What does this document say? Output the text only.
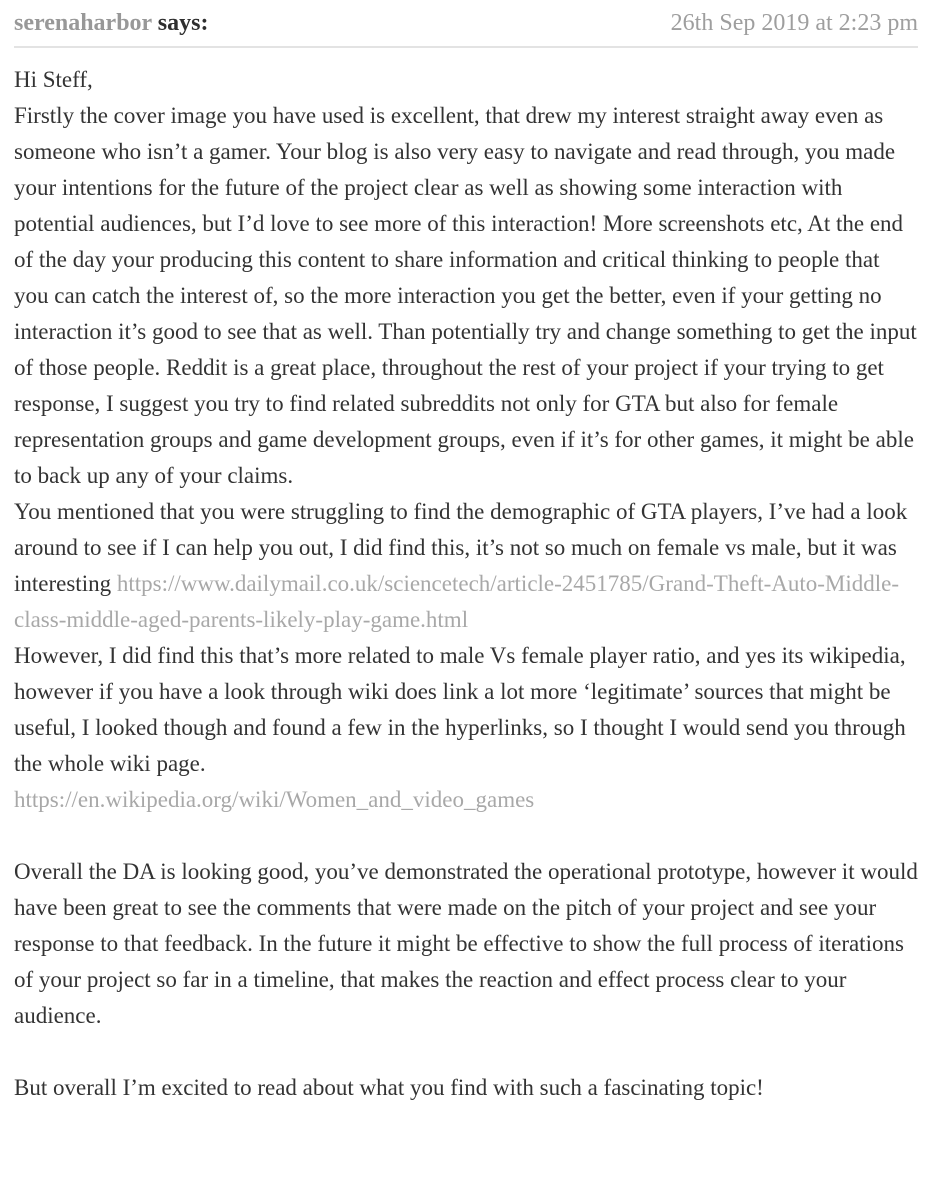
serenaharbor says:	26th Sep 2019 at 2:23 pm

Hi Steff,
Firstly the cover image you have used is excellent, that drew my interest straight away even as someone who isn’t a gamer. Your blog is also very easy to navigate and read through, you made your intentions for the future of the project clear as well as showing some interaction with potential audiences, but I’d love to see more of this interaction! More screenshots etc, At the end of the day your producing this content to share information and critical thinking to people that you can catch the interest of, so the more interaction you get the better, even if your getting no interaction it’s good to see that as well. Than potentially try and change something to get the input of those people. Reddit is a great place, throughout the rest of your project if your trying to get response, I suggest you try to find related subreddits not only for GTA but also for female representation groups and game development groups, even if it’s for other games, it might be able to back up any of your claims.
You mentioned that you were struggling to find the demographic of GTA players, I’ve had a look around to see if I can help you out, I did find this, it’s not so much on female vs male, but it was interesting https://www.dailymail.co.uk/sciencetech/article-2451785/Grand-Theft-Auto-Middle-class-middle-aged-parents-likely-play-game.html
However, I did find this that’s more related to male Vs female player ratio, and yes its wikipedia, however if you have a look through wiki does link a lot more ‘legitimate’ sources that might be useful, I looked though and found a few in the hyperlinks, so I thought I would send you through the whole wiki page.
https://en.wikipedia.org/wiki/Women_and_video_games

Overall the DA is looking good, you’ve demonstrated the operational prototype, however it would have been great to see the comments that were made on the pitch of your project and see your response to that feedback. In the future it might be effective to show the full process of iterations of your project so far in a timeline, that makes the reaction and effect process clear to your audience.

But overall I’m excited to read about what you find with such a fascinating topic!
